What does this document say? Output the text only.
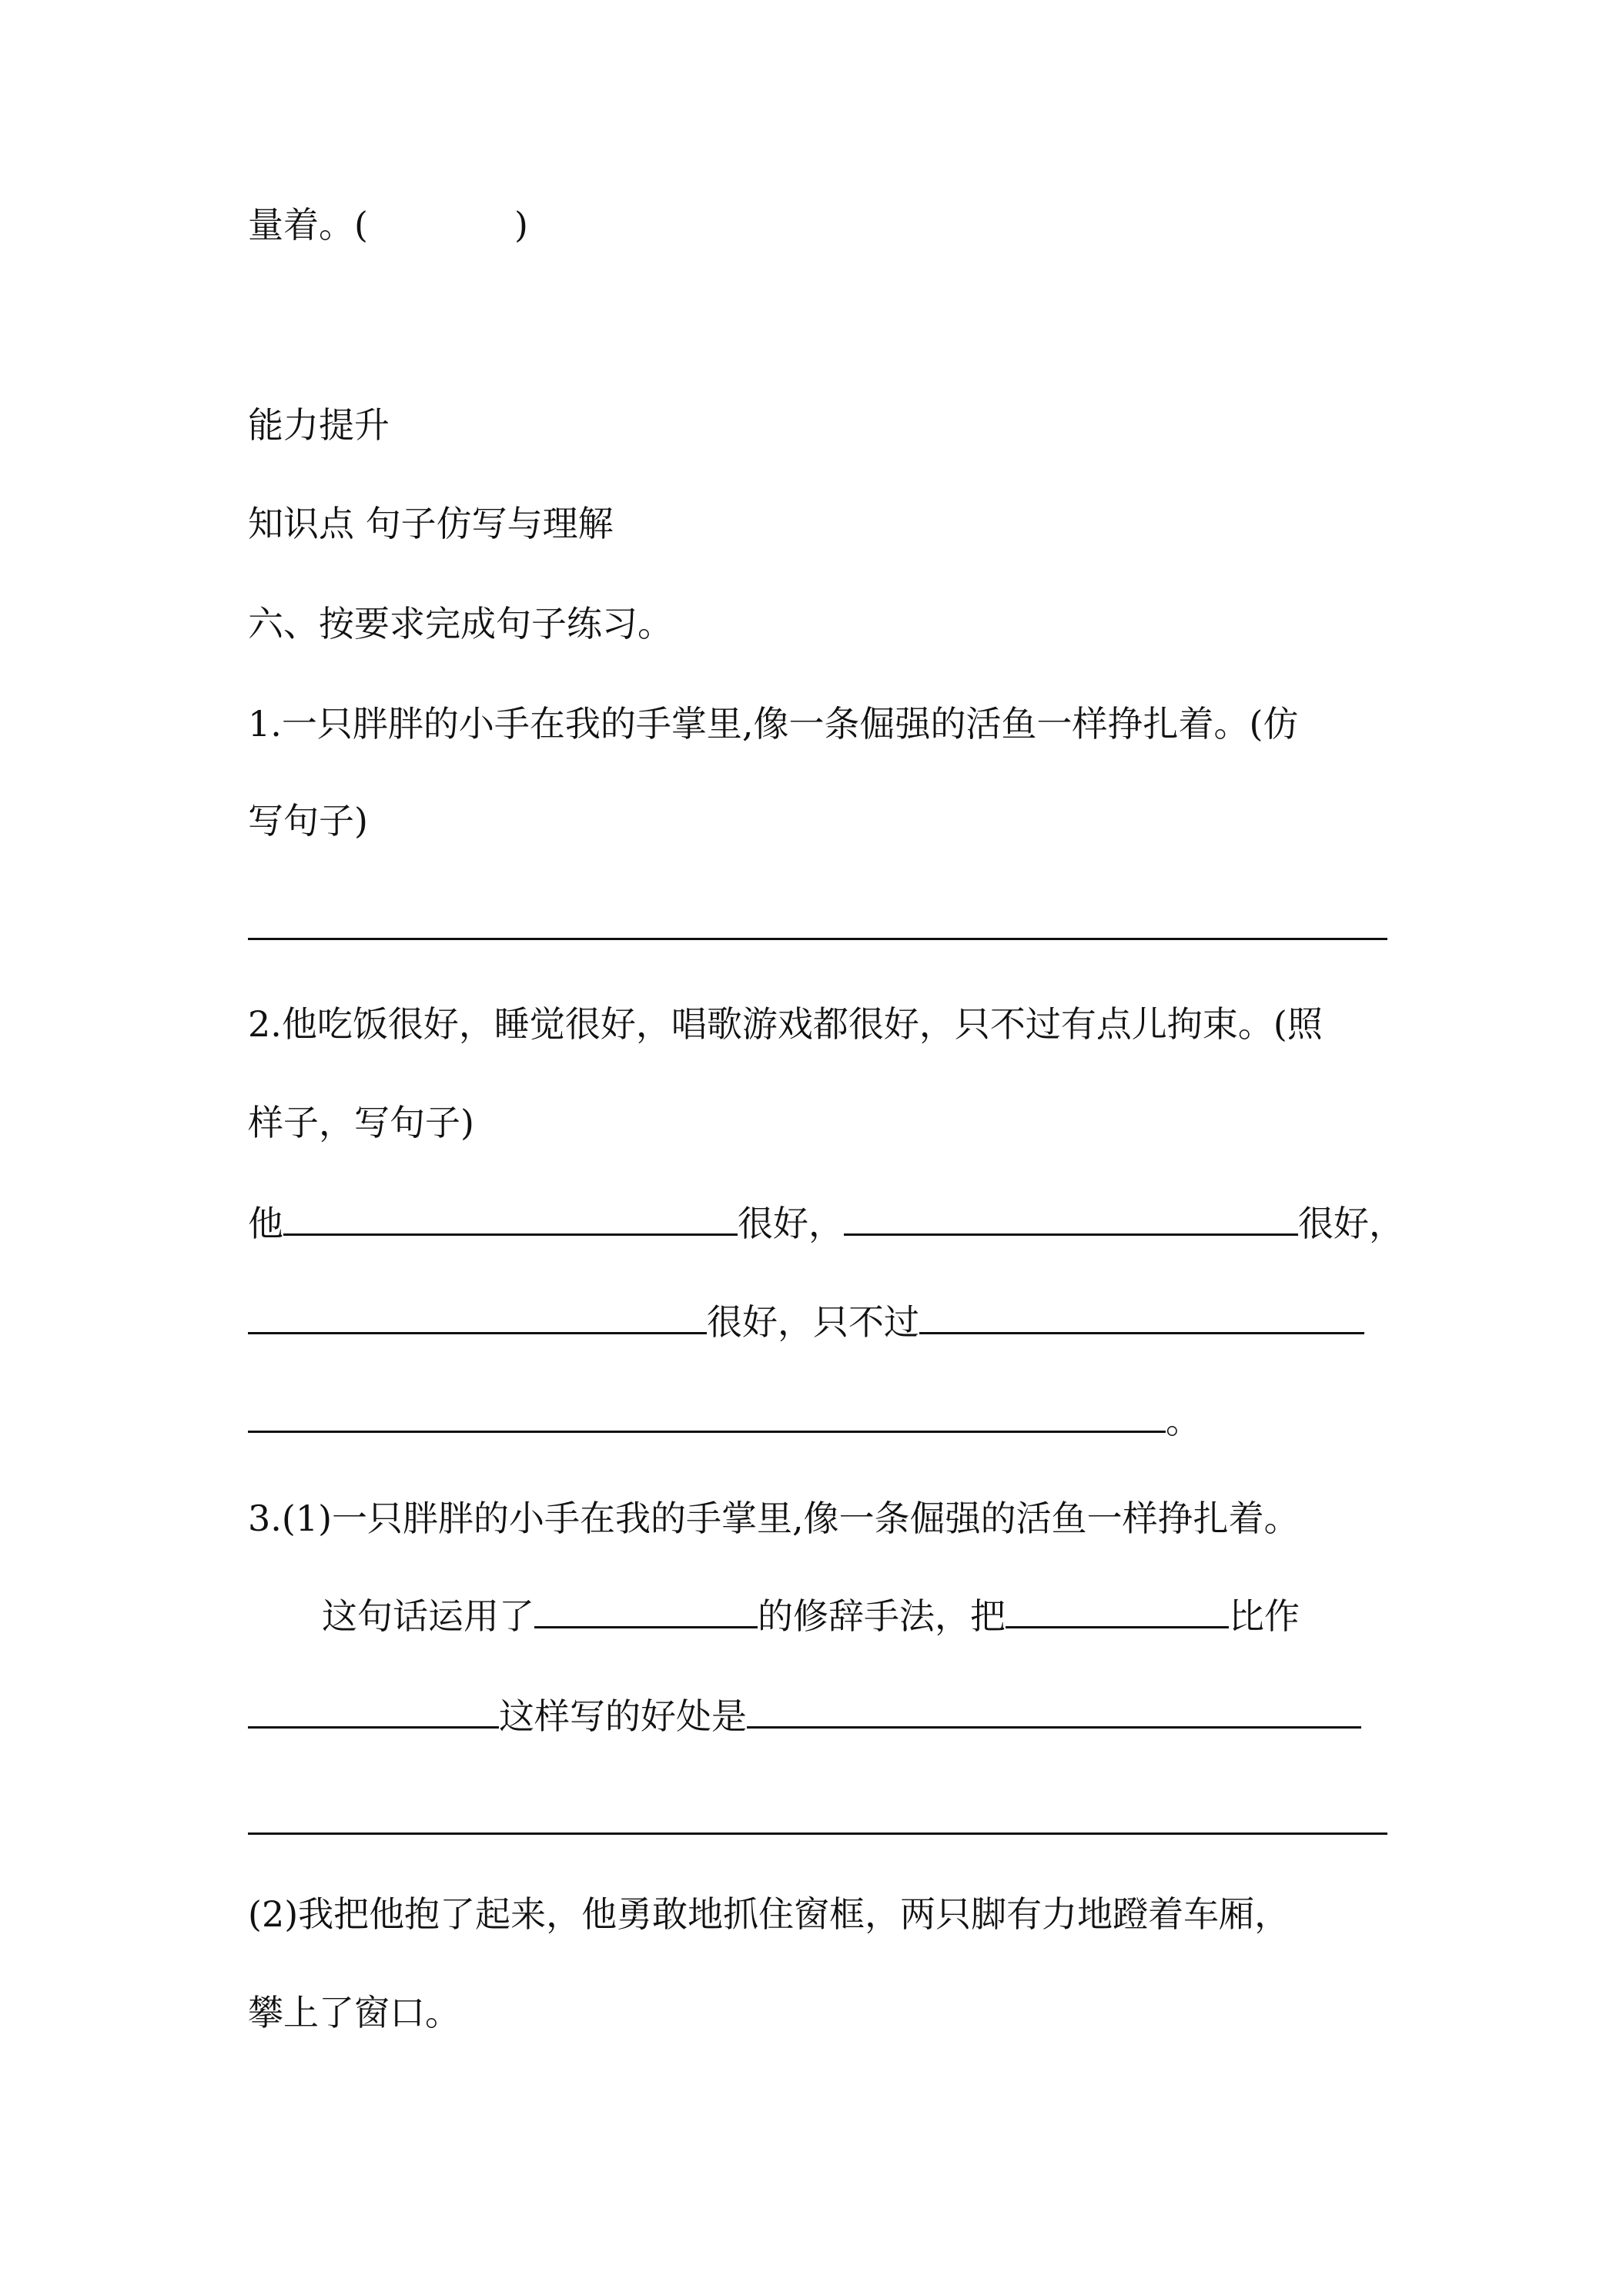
量着。(	)
能力提升
知识点 句子仿写与理解
六、按要求完成句子练习。
1.一只胖胖的小手在我的手掌里,像一条倔强的活鱼一样挣扎着。(仿
写句子)
2.他吃饭很好，睡觉很好，唱歌游戏都很好，只不过有点儿拘束。(照
样子，写句子)
他	很好，	很好，
很好，只不过
。
3.(1)一只胖胖的小手在我的手掌里,像一条倔强的活鱼一样挣扎着。
这句话运用了	的修辞手法，把	比作
这样写的好处是
(2)我把他抱了起来，他勇敢地抓住窗框，两只脚有力地蹬着车厢，
攀上了窗口。
